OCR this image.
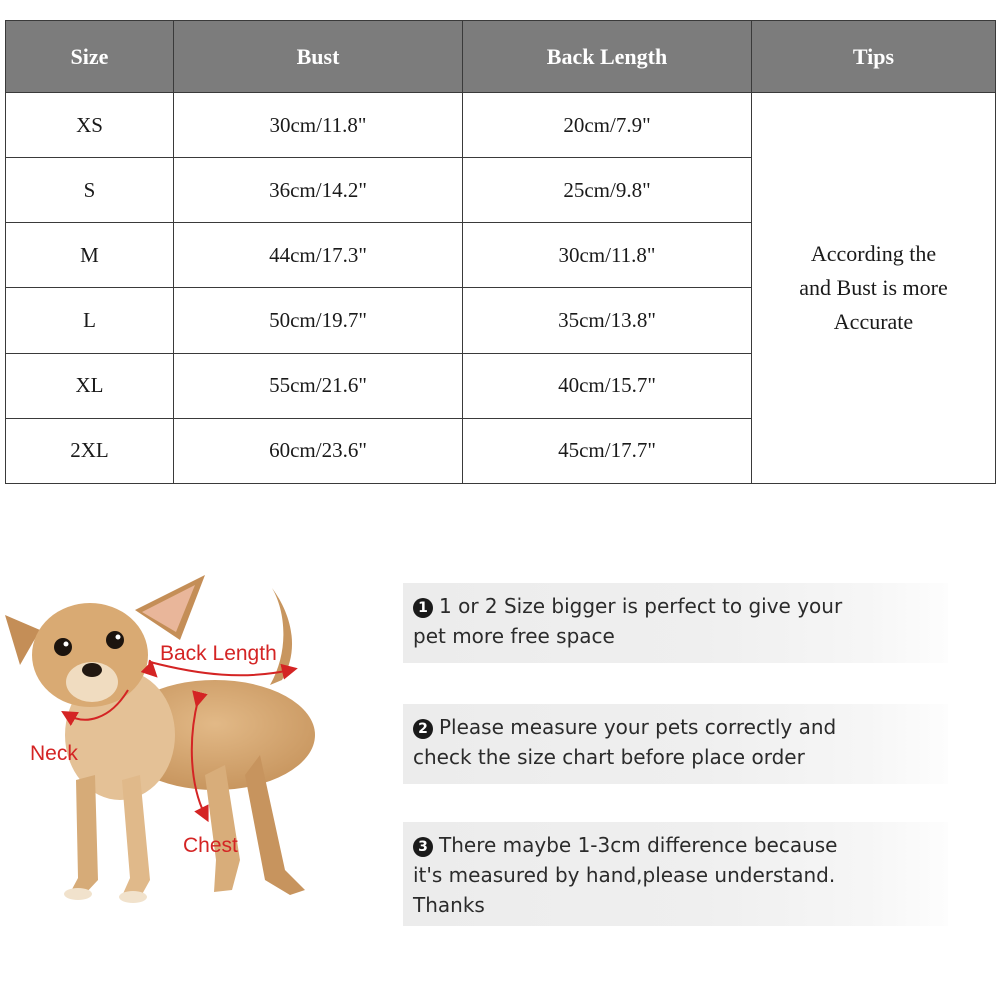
Size	Bust	Back Length	Tips
XS	30cm/11.8"	20cm/7.9"	According the
and Bust is more
Accurate

S	36cm/14.2"	25cm/9.8"	
M	44cm/17.3"	30cm/11.8"	
L	50cm/19.7"	35cm/13.8"	
XL	55cm/21.6"	40cm/15.7"	
2XL	60cm/23.6"	45cm/17.7"	
Back Length
Neck
Chest
1 1 or 2 Size bigger is perfect to give your
pet more free space
2 Please measure your pets correctly and
check the size chart before place order
3 There maybe 1-3cm difference because
it's measured by hand,please understand.
Thanks
